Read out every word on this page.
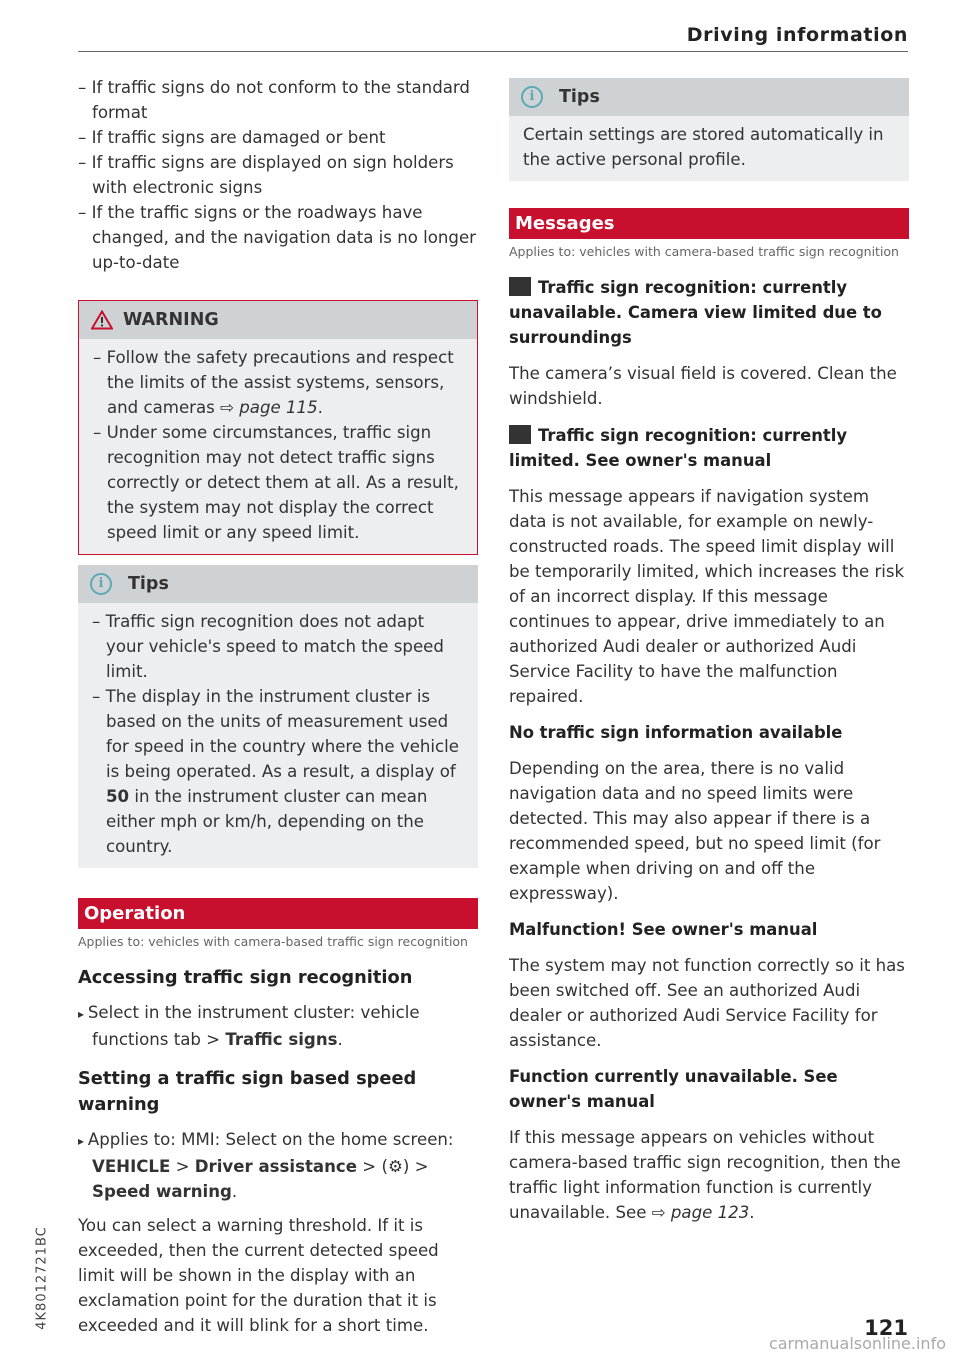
Driving information
– If traffic signs do not conform to the standard format
– If traffic signs are damaged or bent
– If traffic signs are displayed on sign holders with electronic signs
– If the traffic signs or the roadways have changed, and the navigation data is no longer up-to-date
WARNING
– Follow the safety precautions and respect the limits of the assist systems, sensors, and cameras ⇨ page 115.
– Under some circumstances, traffic sign recognition may not detect traffic signs correctly or detect them at all. As a result, the system may not display the correct speed limit or any speed limit.
i	Tips
– Traffic sign recognition does not adapt your vehicle's speed to match the speed limit.
– The display in the instrument cluster is based on the units of measurement used for speed in the country where the vehicle is being operated. As a result, a display of 50 in the instrument cluster can mean either mph or km/h, depending on the country.
Operation
Applies to: vehicles with camera-based traffic sign recognition
Accessing traffic sign recognition

▸ Select in the instrument cluster: vehicle functions tab > Traffic signs.

Setting a traffic sign based speed warning

▸ Applies to: MMI: Select on the home screen: VEHICLE > Driver assistance > (⚙) > Speed warning.

You can select a warning threshold. If it is exceeded, then the current detected speed limit will be shown in the display with an exclamation point for the duration that it is exceeded and it will blink for a short time.

i	Tips

Certain settings are stored automatically in the active personal profile.

Messages
Applies to: vehicles with camera-based traffic sign recognition
Traffic sign recognition: currently unavailable. Camera view limited due to surroundings

The camera’s visual field is covered. Clean the windshield.

Traffic sign recognition: currently limited. See owner's manual

This message appears if navigation system data is not available, for example on newly-constructed roads. The speed limit display will be temporarily limited, which increases the risk of an incorrect display. If this message continues to appear, drive immediately to an authorized Audi dealer or authorized Audi Service Facility to have the malfunction repaired.

No traffic sign information available

Depending on the area, there is no valid navigation data and no speed limits were detected. This may also appear if there is a recommended speed, but no speed limit (for example when driving on and off the expressway).

Malfunction! See owner's manual

The system may not function correctly so it has been switched off. See an authorized Audi dealer or authorized Audi Service Facility for assistance.

Function currently unavailable. See owner's manual

If this message appears on vehicles without camera-based traffic sign recognition, then the traffic light information function is currently unavailable. See ⇨ page 123.

4K8012721BC	121
carmanualsonline.info
